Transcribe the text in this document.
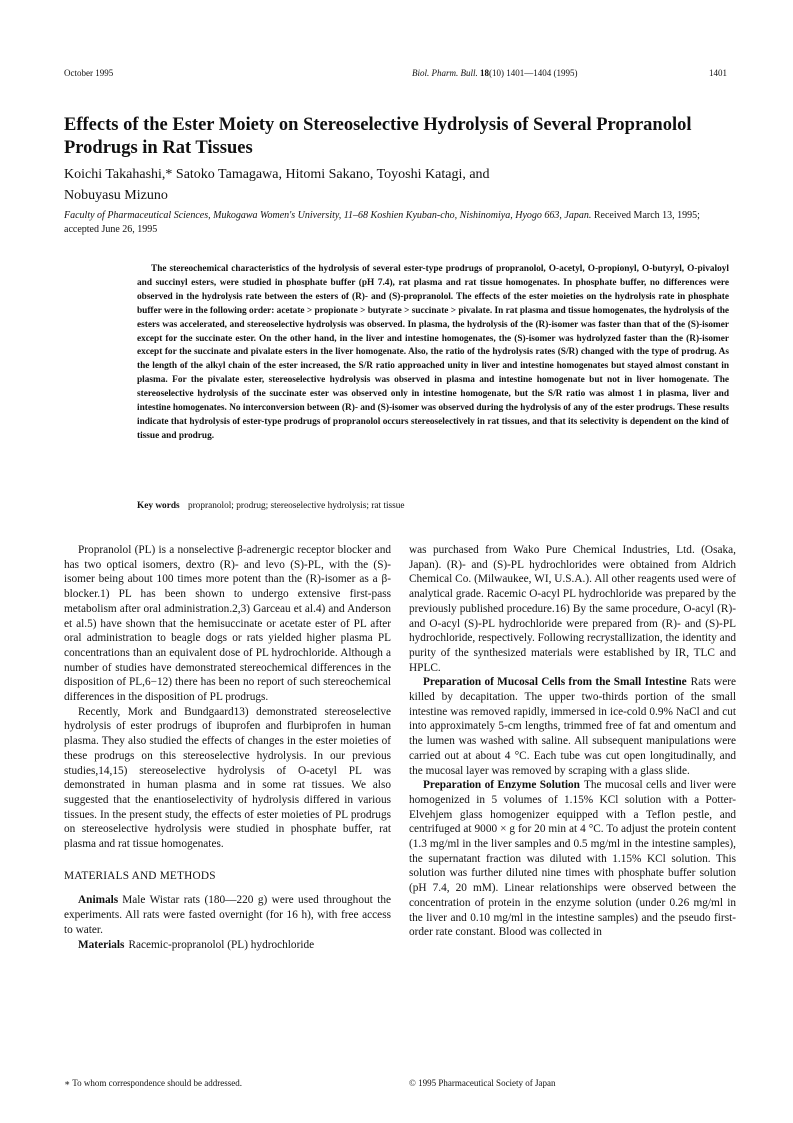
October 1995	Biol. Pharm. Bull. 18(10) 1401—1404 (1995)	1401
Effects of the Ester Moiety on Stereoselective Hydrolysis of Several Propranolol Prodrugs in Rat Tissues
Koichi Takahashi,* Satoko Tamagawa, Hitomi Sakano, Toyoshi Katagi, and
Nobuyasu Mizuno
Faculty of Pharmaceutical Sciences, Mukogawa Women's University, 11–68 Koshien Kyuban-cho, Nishinomiya, Hyogo 663, Japan. Received March 13, 1995; accepted June 26, 1995

The stereochemical characteristics of the hydrolysis of several ester-type prodrugs of propranolol, O-acetyl, O-propionyl, O-butyryl, O-pivaloyl and succinyl esters, were studied in phosphate buffer (pH 7.4), rat plasma and rat tissue homogenates. In phosphate buffer, no differences were observed in the hydrolysis rate between the esters of (R)- and (S)-propranolol. The effects of the ester moieties on the hydrolysis rate in phosphate buffer were in the following order: acetate > propionate > butyrate > succinate > pivalate. In rat plasma and tissue homogenates, the hydrolysis of the esters was accelerated, and stereoselective hydrolysis was observed. In plasma, the hydrolysis of the (R)-isomer was faster than that of the (S)-isomer except for the succinate ester. On the other hand, in the liver and intestine homogenates, the (S)-isomer was hydrolyzed faster than the (R)-isomer except for the succinate and pivalate esters in the liver homogenate. Also, the ratio of the hydrolysis rates (S/R) changed with the type of prodrug. As the length of the alkyl chain of the ester increased, the S/R ratio approached unity in liver and intestine homogenates but stayed almost constant in plasma. For the pivalate ester, stereoselective hydrolysis was observed in plasma and intestine homogenate but not in liver homogenate. The stereoselective hydrolysis of the succinate ester was observed only in intestine homogenate, but the S/R ratio was almost 1 in plasma, liver and intestine homogenates. No interconversion between (R)- and (S)-isomer was observed during the hydrolysis of any of the ester prodrugs. These results indicate that hydrolysis of ester-type prodrugs of propranolol occurs stereoselectively in rat tissues, and that its selectivity is dependent on the kind of tissue and prodrug.

Key words propranolol; prodrug; stereoselective hydrolysis; rat tissue

Propranolol (PL) is a nonselective β-adrenergic receptor blocker and has two optical isomers, dextro (R)- and levo (S)-PL, with the (S)-isomer being about 100 times more potent than the (R)-isomer as a β-blocker.1) PL has been shown to undergo extensive first-pass metabolism after oral administration.2,3) Garceau et al.4) and Anderson et al.5) have shown that the hemisuccinate or acetate ester of PL after oral administration to beagle dogs or rats yielded higher plasma PL concentrations than an equivalent dose of PL hydrochloride. Although a number of studies have demonstrated stereochemical differences in the disposition of PL,6−12) there has been no report of such stereochemical differences in the disposition of PL prodrugs.

Recently, Mork and Bundgaard13) demonstrated stereoselective hydrolysis of ester prodrugs of ibuprofen and flurbiprofen in human plasma. They also studied the effects of changes in the ester moieties of these prodrugs on this stereoselective hydrolysis. In our previous studies,14,15) stereoselective hydrolysis of O-acetyl PL was demonstrated in human plasma and in some rat tissues. We also suggested that the enantioselectivity of hydrolysis differed in various tissues. In the present study, the effects of ester moieties of PL prodrugs on stereoselective hydrolysis were studied in phosphate buffer, rat plasma and rat tissue homogenates.

MATERIALS AND METHODS

Animals Male Wistar rats (180—220 g) were used throughout the experiments. All rats were fasted overnight (for 16 h), with free access to water.

Materials Racemic-propranolol (PL) hydrochloride

was purchased from Wako Pure Chemical Industries, Ltd. (Osaka, Japan). (R)- and (S)-PL hydrochlorides were obtained from Aldrich Chemical Co. (Milwaukee, WI, U.S.A.). All other reagents used were of analytical grade. Racemic O-acyl PL hydrochloride was prepared by the previously published procedure.16) By the same procedure, O-acyl (R)- and O-acyl (S)-PL hydrochloride were prepared from (R)- and (S)-PL hydrochloride, respectively. Following recrystallization, the identity and purity of the synthesized materials were established by IR, TLC and HPLC.

Preparation of Mucosal Cells from the Small Intestine Rats were killed by decapitation. The upper two-thirds portion of the small intestine was removed rapidly, immersed in ice-cold 0.9% NaCl and cut into approximately 5-cm lengths, trimmed free of fat and omentum and the lumen was washed with saline. All subsequent manipulations were carried out at about 4 °C. Each tube was cut open longitudinally, and the mucosal layer was removed by scraping with a glass slide.

Preparation of Enzyme Solution The mucosal cells and liver were homogenized in 5 volumes of 1.15% KCl solution with a Potter-Elvehjem glass homogenizer equipped with a Teflon pestle, and centrifuged at 9000 × g for 20 min at 4 °C. To adjust the protein content (1.3 mg/ml in the liver samples and 0.5 mg/ml in the intestine samples), the supernatant fraction was diluted with 1.15% KCl solution. This solution was further diluted nine times with phosphate buffer solution (pH 7.4, 20 mM). Linear relationships were observed between the concentration of protein in the enzyme solution (under 0.26 mg/ml in the liver and 0.10 mg/ml in the intestine samples) and the pseudo first-order rate constant. Blood was collected in

∗ To whom correspondence should be addressed.	© 1995 Pharmaceutical Society of Japan
